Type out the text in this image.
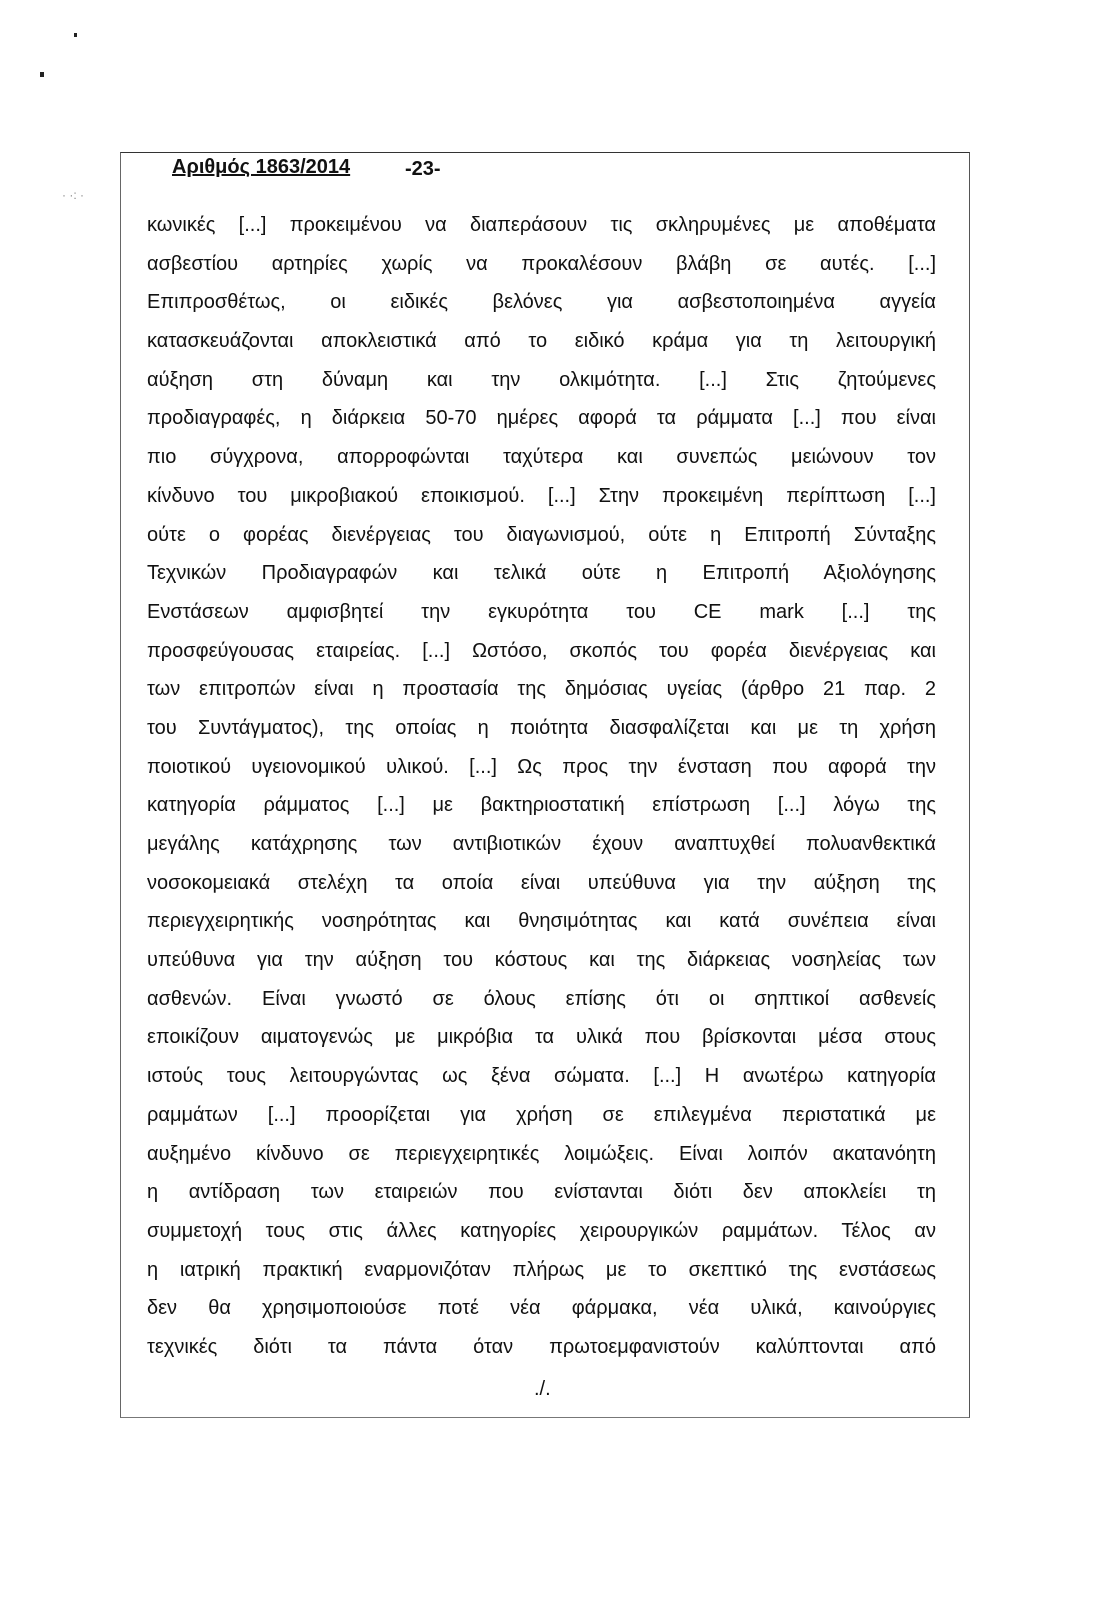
· ·: ·
Αριθμός 1863/2014	-23-
κωνικές [...] προκειμένου να διαπεράσουν τις σκληρυμένες με αποθέματα
ασβεστίου αρτηρίες χωρίς να προκαλέσουν βλάβη σε αυτές. [...]
Επιπροσθέτως, οι ειδικές βελόνες για ασβεστοποιημένα αγγεία
κατασκευάζονται αποκλειστικά από το ειδικό κράμα για τη λειτουργική
αύξηση στη δύναμη και την ολκιμότητα. [...] Στις ζητούμενες
προδιαγραφές, η διάρκεια 50-70 ημέρες αφορά τα ράμματα [...] που είναι
πιο σύγχρονα, απορροφώνται ταχύτερα και συνεπώς μειώνουν τον
κίνδυνο του μικροβιακού εποικισμού. [...] Στην προκειμένη περίπτωση [...]
ούτε ο φορέας διενέργειας του διαγωνισμού, ούτε η Επιτροπή Σύνταξης
Τεχνικών Προδιαγραφών και τελικά ούτε η Επιτροπή Αξιολόγησης
Ενστάσεων αμφισβητεί την εγκυρότητα του CE mark [...] της
προσφεύγουσας εταιρείας. [...] Ωστόσο, σκοπός του φορέα διενέργειας και
των επιτροπών είναι η προστασία της δημόσιας υγείας (άρθρο 21 παρ. 2
του Συντάγματος), της οποίας η ποιότητα διασφαλίζεται και με τη χρήση
ποιοτικού υγειονομικού υλικού. [...] Ως προς την ένσταση που αφορά την
κατηγορία ράμματος [...] με βακτηριοστατική επίστρωση [...] λόγω της
μεγάλης κατάχρησης των αντιβιοτικών έχουν αναπτυχθεί πολυανθεκτικά
νοσοκομειακά στελέχη τα οποία είναι υπεύθυνα για την αύξηση της
περιεγχειρητικής νοσηρότητας και θνησιμότητας και κατά συνέπεια είναι
υπεύθυνα για την αύξηση του κόστους και της διάρκειας νοσηλείας των
ασθενών. Είναι γνωστό σε όλους επίσης ότι οι σηπτικοί ασθενείς
εποικίζουν αιματογενώς με μικρόβια τα υλικά που βρίσκονται μέσα στους
ιστούς τους λειτουργώντας ως ξένα σώματα. [...] Η ανωτέρω κατηγορία
ραμμάτων [...] προορίζεται για χρήση σε επιλεγμένα περιστατικά με
αυξημένο κίνδυνο σε περιεγχειρητικές λοιμώξεις. Είναι λοιπόν ακατανόητη
η αντίδραση των εταιρειών που ενίστανται διότι δεν αποκλείει τη
συμμετοχή τους στις άλλες κατηγορίες χειρουργικών ραμμάτων. Τέλος αν
η ιατρική πρακτική εναρμονιζόταν πλήρως με το σκεπτικό της ενστάσεως
δεν θα χρησιμοποιούσε ποτέ νέα φάρμακα, νέα υλικά, καινούργιες
τεχνικές διότι τα πάντα όταν πρωτοεμφανιστούν καλύπτονται από
./.
